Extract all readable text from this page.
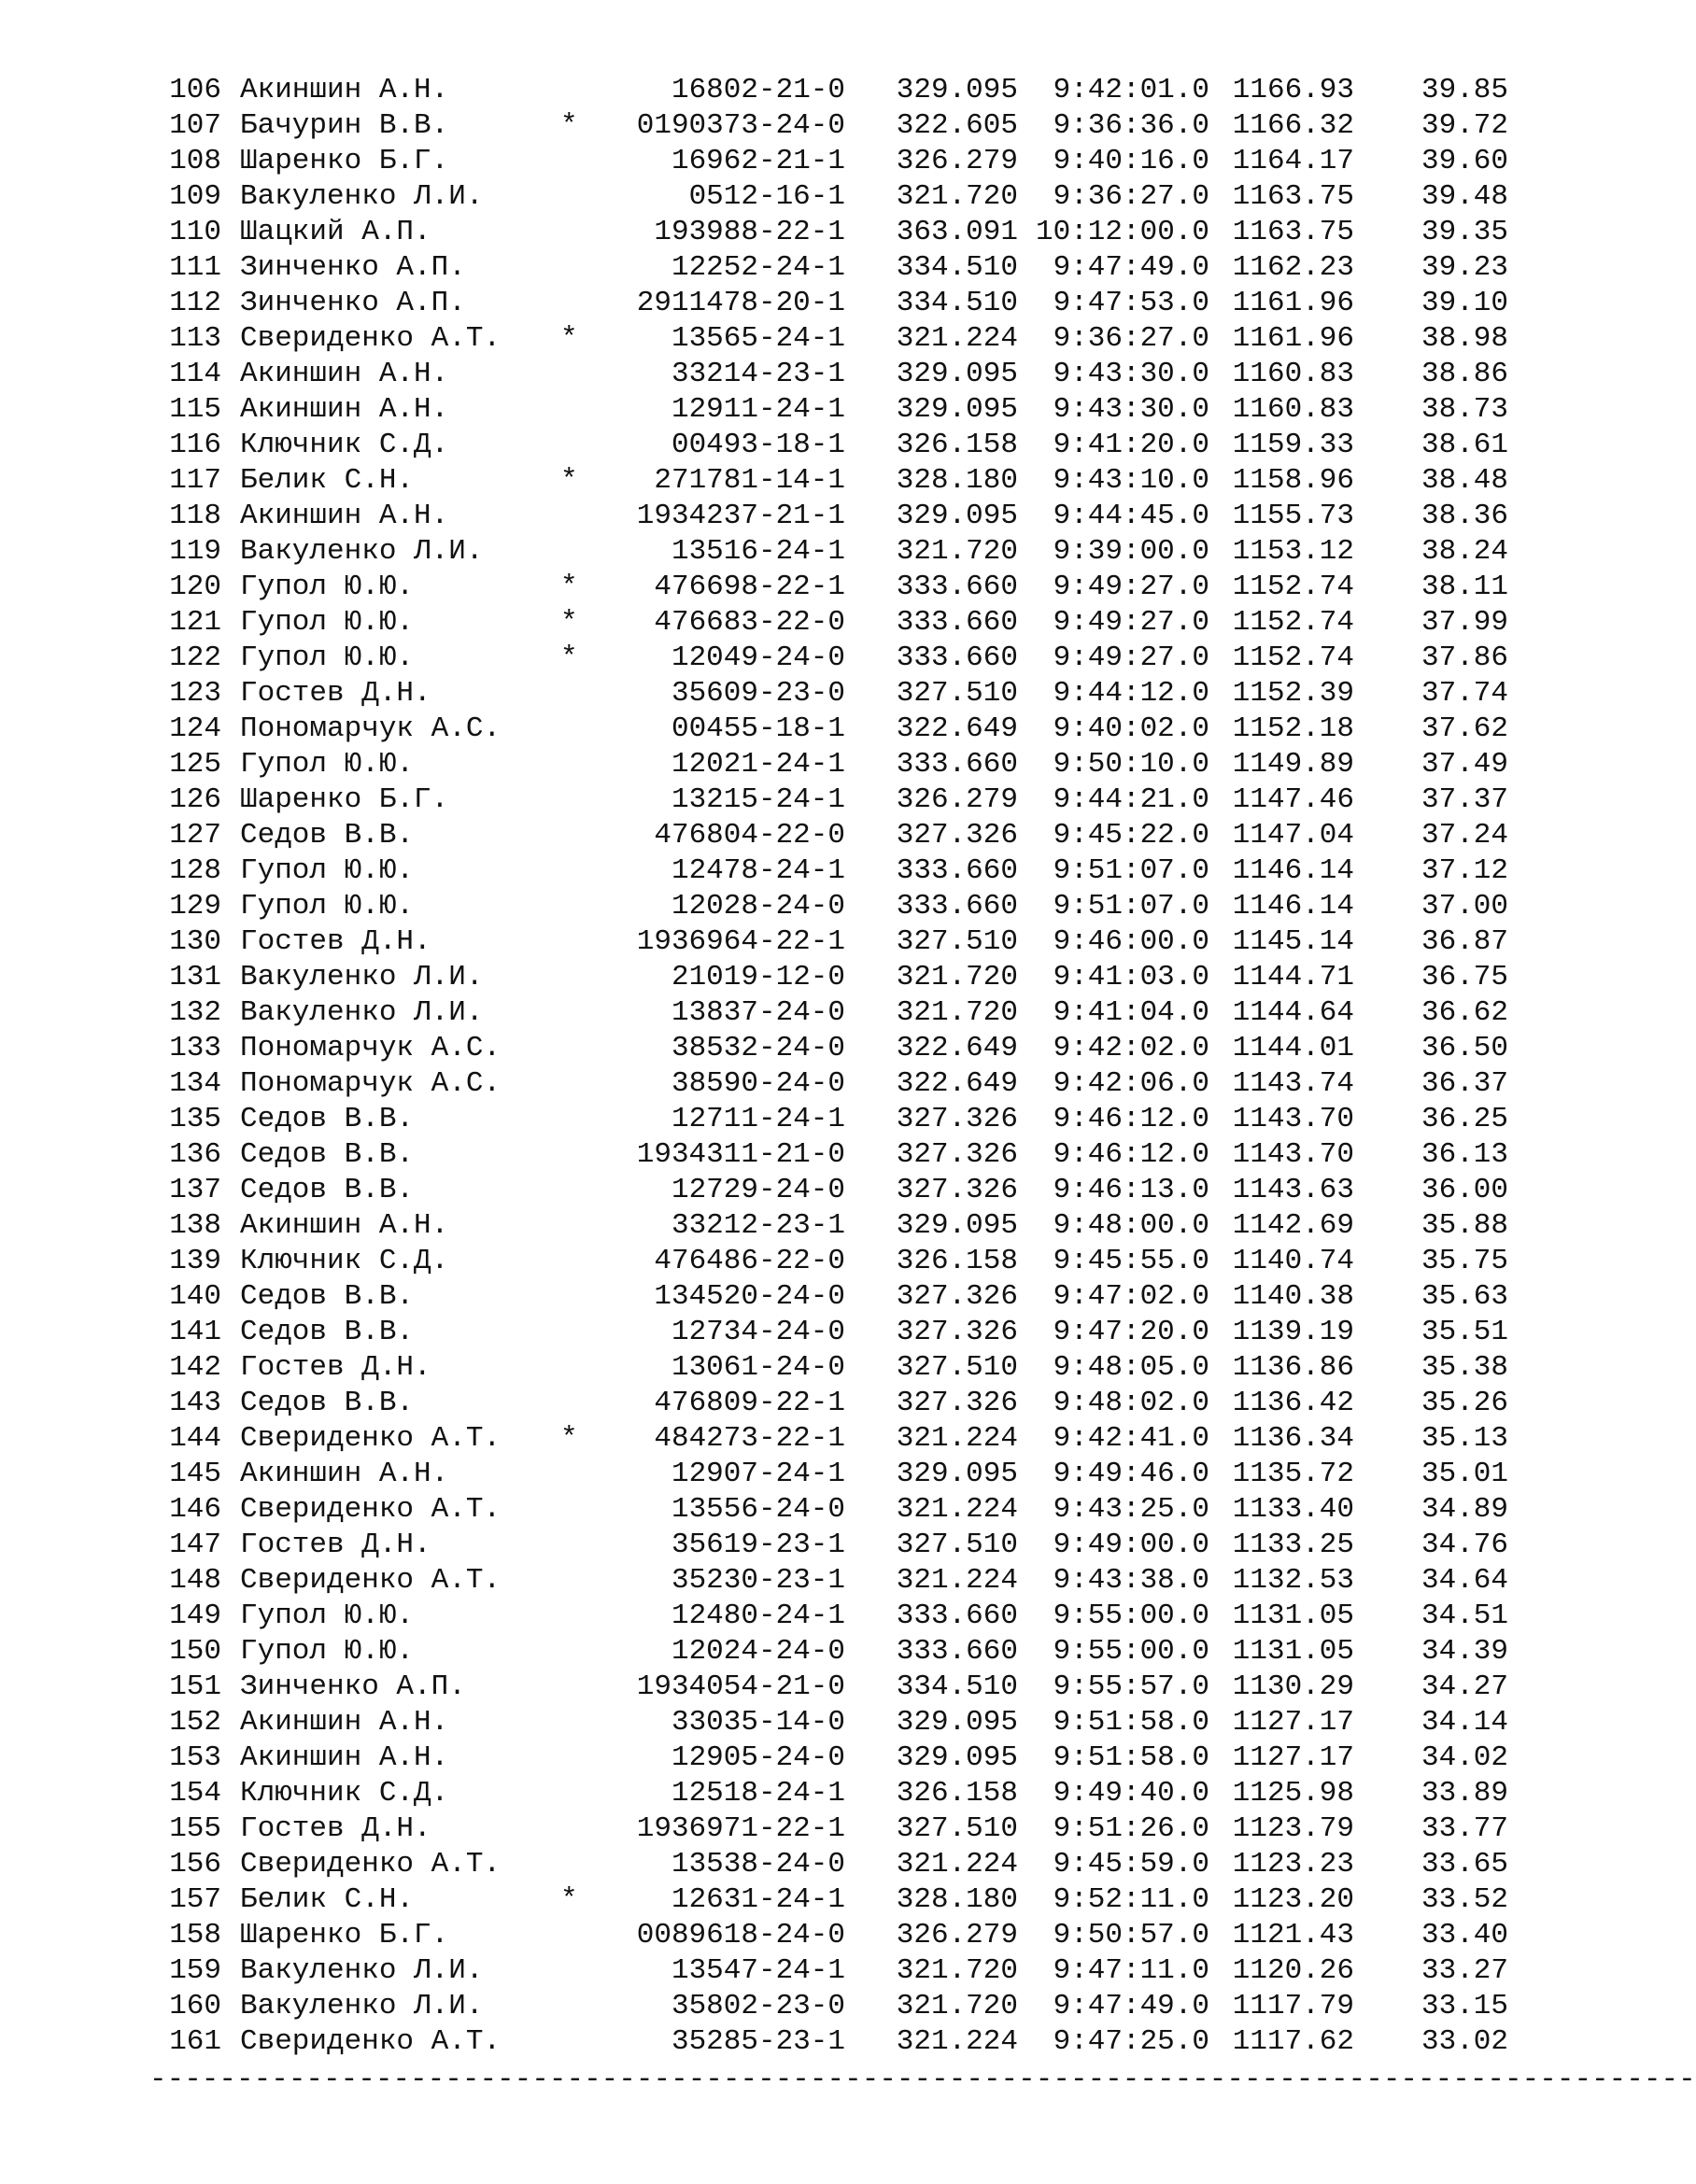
106 Акиншин А.Н.	16802-21-0	329.095	9:42:01.0 1166.93	39.85
107 Бачурин В.В.	*	0190373-24-0	322.605	9:36:36.0 1166.32	39.72
108 Шаренко Б.Г.	16962-21-1	326.279	9:40:16.0 1164.17	39.60
109 Вакуленко Л.И.	0512-16-1	321.720	9:36:27.0 1163.75	39.48
110 Шацкий А.П.	193988-22-1	363.091 10:12:00.0 1163.75	39.35
111 Зинченко А.П.	12252-24-1	334.510	9:47:49.0 1162.23	39.23
112 Зинченко А.П.	2911478-20-1	334.510	9:47:53.0 1161.96	39.10
113 Свериденко А.Т.	*	13565-24-1	321.224	9:36:27.0 1161.96	38.98
114 Акиншин А.Н.	33214-23-1	329.095	9:43:30.0 1160.83	38.86
115 Акиншин А.Н.	12911-24-1	329.095	9:43:30.0 1160.83	38.73
116 Ключник С.Д.	00493-18-1	326.158	9:41:20.0 1159.33	38.61
117 Белик С.Н.	*	271781-14-1	328.180	9:43:10.0 1158.96	38.48
118 Акиншин А.Н.	1934237-21-1	329.095	9:44:45.0 1155.73	38.36
119 Вакуленко Л.И.	13516-24-1	321.720	9:39:00.0 1153.12	38.24
120 Гупол Ю.Ю.	*	476698-22-1	333.660	9:49:27.0 1152.74	38.11
121 Гупол Ю.Ю.	*	476683-22-0	333.660	9:49:27.0 1152.74	37.99
122 Гупол Ю.Ю.	*	12049-24-0	333.660	9:49:27.0 1152.74	37.86
123 Гостев Д.Н.	35609-23-0	327.510	9:44:12.0 1152.39	37.74
124 Пономарчук А.С.	00455-18-1	322.649	9:40:02.0 1152.18	37.62
125 Гупол Ю.Ю.	12021-24-1	333.660	9:50:10.0 1149.89	37.49
126 Шаренко Б.Г.	13215-24-1	326.279	9:44:21.0 1147.46	37.37
127 Седов В.В.	476804-22-0	327.326	9:45:22.0 1147.04	37.24
128 Гупол Ю.Ю.	12478-24-1	333.660	9:51:07.0 1146.14	37.12
129 Гупол Ю.Ю.	12028-24-0	333.660	9:51:07.0 1146.14	37.00
130 Гостев Д.Н.	1936964-22-1	327.510	9:46:00.0 1145.14	36.87
131 Вакуленко Л.И.	21019-12-0	321.720	9:41:03.0 1144.71	36.75
132 Вакуленко Л.И.	13837-24-0	321.720	9:41:04.0 1144.64	36.62
133 Пономарчук А.С.	38532-24-0	322.649	9:42:02.0 1144.01	36.50
134 Пономарчук А.С.	38590-24-0	322.649	9:42:06.0 1143.74	36.37
135 Седов В.В.	12711-24-1	327.326	9:46:12.0 1143.70	36.25
136 Седов В.В.	1934311-21-0	327.326	9:46:12.0 1143.70	36.13
137 Седов В.В.	12729-24-0	327.326	9:46:13.0 1143.63	36.00
138 Акиншин А.Н.	33212-23-1	329.095	9:48:00.0 1142.69	35.88
139 Ключник С.Д.	476486-22-0	326.158	9:45:55.0 1140.74	35.75
140 Седов В.В.	134520-24-0	327.326	9:47:02.0 1140.38	35.63
141 Седов В.В.	12734-24-0	327.326	9:47:20.0 1139.19	35.51
142 Гостев Д.Н.	13061-24-0	327.510	9:48:05.0 1136.86	35.38
143 Седов В.В.	476809-22-1	327.326	9:48:02.0 1136.42	35.26
144 Свериденко А.Т.	*	484273-22-1	321.224	9:42:41.0 1136.34	35.13
145 Акиншин А.Н.	12907-24-1	329.095	9:49:46.0 1135.72	35.01
146 Свериденко А.Т.	13556-24-0	321.224	9:43:25.0 1133.40	34.89
147 Гостев Д.Н.	35619-23-1	327.510	9:49:00.0 1133.25	34.76
148 Свериденко А.Т.	35230-23-1	321.224	9:43:38.0 1132.53	34.64
149 Гупол Ю.Ю.	12480-24-1	333.660	9:55:00.0 1131.05	34.51
150 Гупол Ю.Ю.	12024-24-0	333.660	9:55:00.0 1131.05	34.39
151 Зинченко А.П.	1934054-21-0	334.510	9:55:57.0 1130.29	34.27
152 Акиншин А.Н.	33035-14-0	329.095	9:51:58.0 1127.17	34.14
153 Акиншин А.Н.	12905-24-0	329.095	9:51:58.0 1127.17	34.02
154 Ключник С.Д.	12518-24-1	326.158	9:49:40.0 1125.98	33.89
155 Гостев Д.Н.	1936971-22-1	327.510	9:51:26.0 1123.79	33.77
156 Свериденко А.Т.	13538-24-0	321.224	9:45:59.0 1123.23	33.65
157 Белик С.Н.	*	12631-24-1	328.180	9:52:11.0 1123.20	33.52
158 Шаренко Б.Г.	0089618-24-0	326.279	9:50:57.0 1121.43	33.40
159 Вакуленко Л.И.	13547-24-1	321.720	9:47:11.0 1120.26	33.27
160 Вакуленко Л.И.	35802-23-0	321.720	9:47:49.0 1117.79	33.15
161 Свериденко А.Т.	35285-23-1	321.224	9:47:25.0 1117.62	33.02
-----------------------------------------------------------------------------------------
